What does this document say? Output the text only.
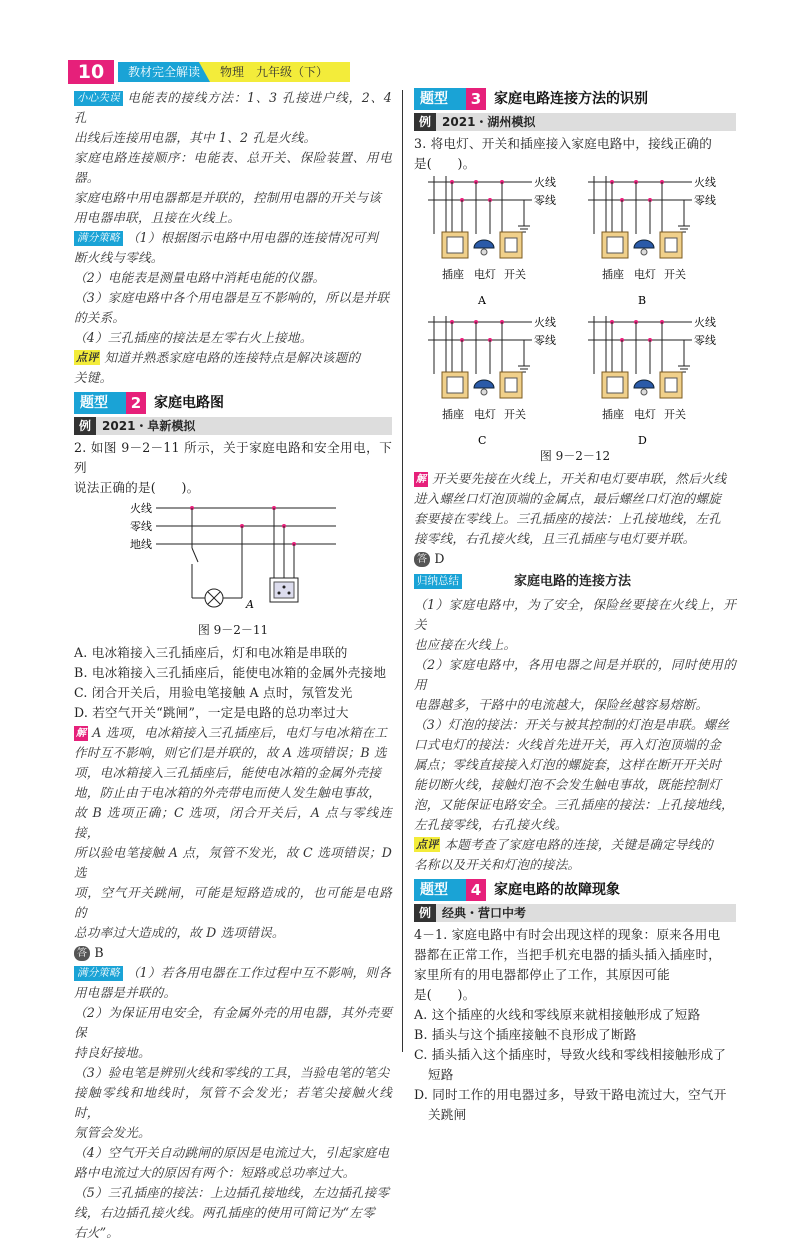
10	教材完全解读 物理　九年级（下）
小心失误 电能表的接线方法：1、3 孔接进户线，2、4 孔
出线后连接用电器，其中 1、2 孔是火线。
家庭电路连接顺序：电能表、总开关、保险装置、用电器。
家庭电路中用电器都是并联的，控制用电器的开关与该
用电器串联，且接在火线上。
满分策略 （1）根据图示电路中用电器的连接情况可判
断火线与零线。
（2）电能表是测量电路中消耗电能的仪器。
（3）家庭电路中各个用电器是互不影响的，所以是并联
的关系。
（4）三孔插座的接法是左零右火上接地。
点评 知道并熟悉家庭电路的连接特点是解决该题的
关键。
题型	2 家庭电路图
例 2021・阜新模拟
2. 如图 9－2－11 所示，关于家庭电路和安全用电，下列
说法正确的是(　　)。
火线
零线
地线
A
图 9－2－11
A. 电冰箱接入三孔插座后，灯和电冰箱是串联的
B. 电冰箱接入三孔插座后，能使电冰箱的金属外壳接地
C. 闭合开关后，用验电笔接触 A 点时，氖管发光
D. 若空气开关“跳闸”，一定是电路的总功率过大
解 A 选项，电冰箱接入三孔插座后，电灯与电冰箱在工
作时互不影响，则它们是并联的，故 A 选项错误；B 选
项，电冰箱接入三孔插座后，能使电冰箱的金属外壳接
地，防止由于电冰箱的外壳带电而使人发生触电事故，
故 B 选项正确；C 选项，闭合开关后，A 点与零线连接，
所以验电笔接触 A 点，氖管不发光，故 C 选项错误；D 选
项，空气开关跳闸，可能是短路造成的，也可能是电路的
总功率过大造成的，故 D 选项错误。
答 B
满分策略 （1）若各用电器在工作过程中互不影响，则各
用电器是并联的。
（2）为保证用电安全，有金属外壳的用电器，其外壳要保
持良好接地。
（3）验电笔是辨别火线和零线的工具，当验电笔的笔尖
接触零线和地线时，氖管不会发光；若笔尖接触火线时，
氖管会发光。
（4）空气开关自动跳闸的原因是电流过大，引起家庭电
路中电流过大的原因有两个：短路或总功率过大。
（5）三孔插座的接法：上边插孔接地线，左边插孔接零
线，右边插孔接火线。两孔插座的使用可简记为“左零
右火”。
题型	3 家庭电路连接方法的识别
例 2021・湖州模拟
3. 将电灯、开关和插座接入家庭电路中，接线正确的
是(　　)。
火线
零线
插座 电灯 开关
A
火线
零线
插座 电灯 开关
B
火线
零线
插座 电灯 开关
C
火线
零线
插座 电灯 开关
D
图 9－2－12
解 开关要先接在火线上，开关和电灯要串联，然后火线
进入螺丝口灯泡顶端的金属点，最后螺丝口灯泡的螺旋
套要接在零线上。三孔插座的接法：上孔接地线，左孔
接零线，右孔接火线，且三孔插座与电灯要并联。
答 D
归纳总结	家庭电路的连接方法
（1）家庭电路中，为了安全，保险丝要接在火线上，开关
也应接在火线上。
（2）家庭电路中，各用电器之间是并联的，同时使用的用
电器越多，干路中的电流越大，保险丝越容易熔断。
（3）灯泡的接法：开关与被其控制的灯泡是串联。螺丝
口式电灯的接法：火线首先进开关，再入灯泡顶端的金
属点；零线直接接入灯泡的螺旋套，这样在断开开关时
能切断火线，接触灯泡不会发生触电事故，既能控制灯
泡，又能保证电路安全。三孔插座的接法：上孔接地线，
左孔接零线，右孔接火线。
点评 本题考查了家庭电路的连接，关键是确定导线的
名称以及开关和灯泡的接法。
题型	4 家庭电路的故障现象
例 经典・营口中考
4－1. 家庭电路中有时会出现这样的现象：原来各用电
器都在正常工作，当把手机充电器的插头插入插座时，
家里所有的用电器都停止了工作，其原因可能
是(　　)。
A. 这个插座的火线和零线原来就相接触形成了短路
B. 插头与这个插座接触不良形成了断路
C. 插头插入这个插座时，导致火线和零线相接触形成了
短路
D. 同时工作的用电器过多，导致干路电流过大，空气开
关跳闸
